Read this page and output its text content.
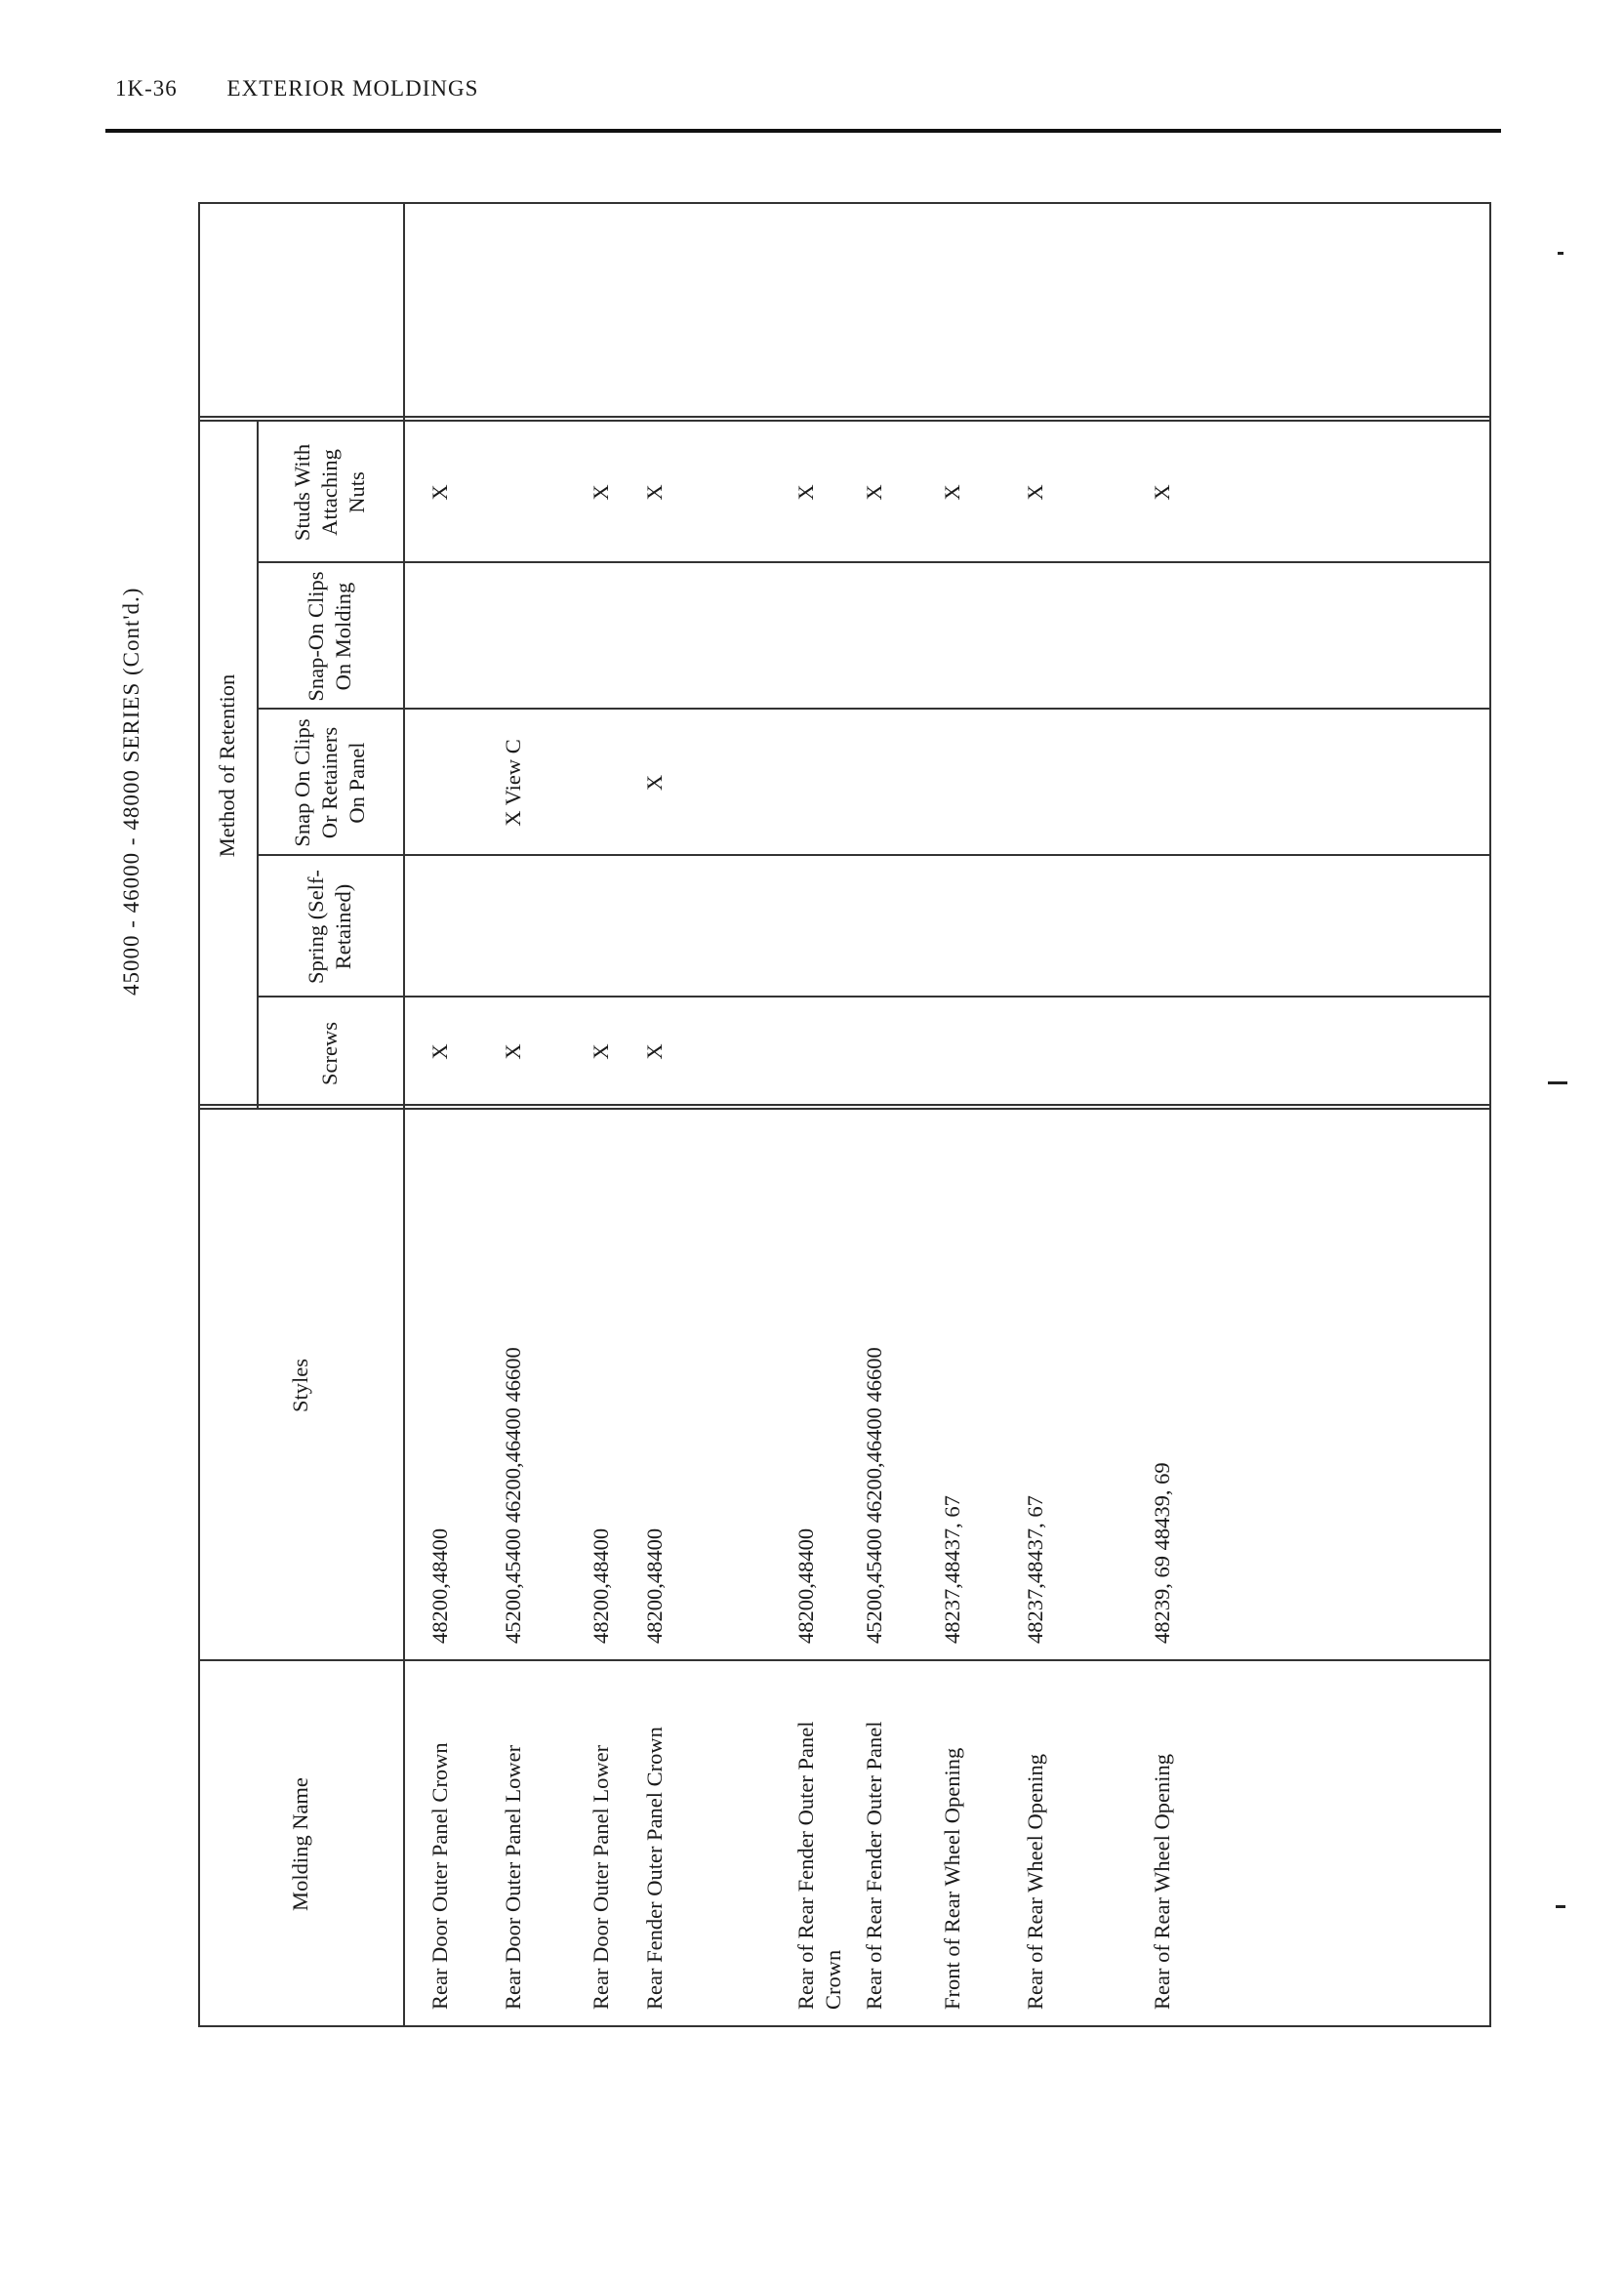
1K-36 EXTERIOR MOLDINGS
45000 - 46000 - 48000 SERIES (Cont'd.)
Molding Name
Styles
Method of Retention
Screws
Spring (Self- Retained)
Snap On Clips Or Retainers On Panel
Snap-On Clips On Molding
Studs With Attaching Nuts
Rear Door Outer Panel Crown
48200,48400
X
X
Rear Door Outer Panel Lower
45200,45400 46200,46400 46600
X
X View C
Rear Door Outer Panel Lower
48200,48400
X
X
Rear Fender Outer Panel Crown
48200,48400
X
X
X
Rear of Rear Fender Outer Panel Crown
48200,48400
X
Rear of Rear Fender Outer Panel
45200,45400 46200,46400 46600
X
Front of Rear Wheel Opening
48237,48437, 67
X
Rear of Rear Wheel Opening
48237,48437, 67
X
Rear of Rear Wheel Opening
48239, 69 48439, 69
X
